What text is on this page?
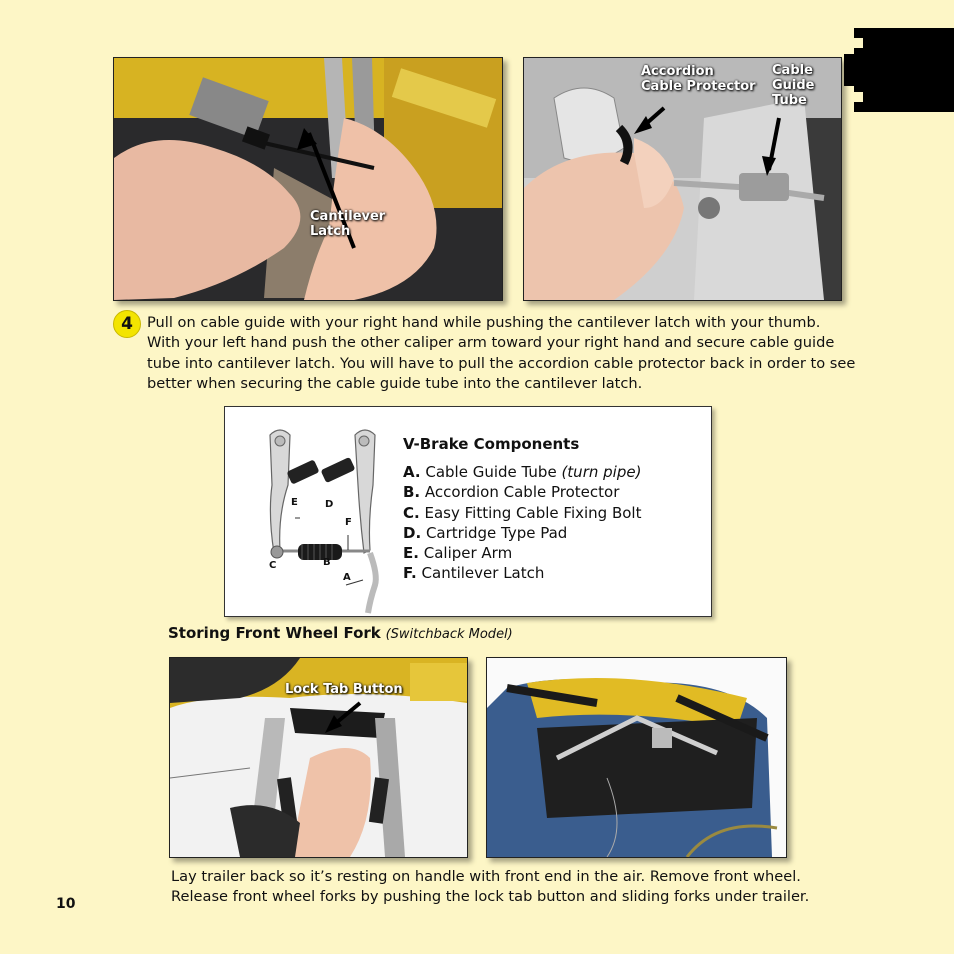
Cantilever
Latch
Accordion
Cable Protector
Cable
Guide
Tube
4 Pull on cable guide with your right hand while pushing the cantilever latch with your thumb.
With your left hand push the other caliper arm toward your right hand and secure cable guide
tube into cantilever latch. You will have to pull the accordion cable protector back in order to see
better when securing the cable guide tube into the cantilever latch.
E	D
F
C	B
A
V-Brake Components
A. Cable Guide Tube (turn pipe)
B. Accordion Cable Protector
C. Easy Fitting Cable Fixing Bolt
D. Cartridge Type Pad
E. Caliper Arm
F. Cantilever Latch
Storing Front Wheel Fork (Switchback Model)
Lock Tab Button
Lay trailer back so it’s resting on handle with front end in the air. Remove front wheel.
Release front wheel forks by pushing the lock tab button and sliding forks under trailer.
10
